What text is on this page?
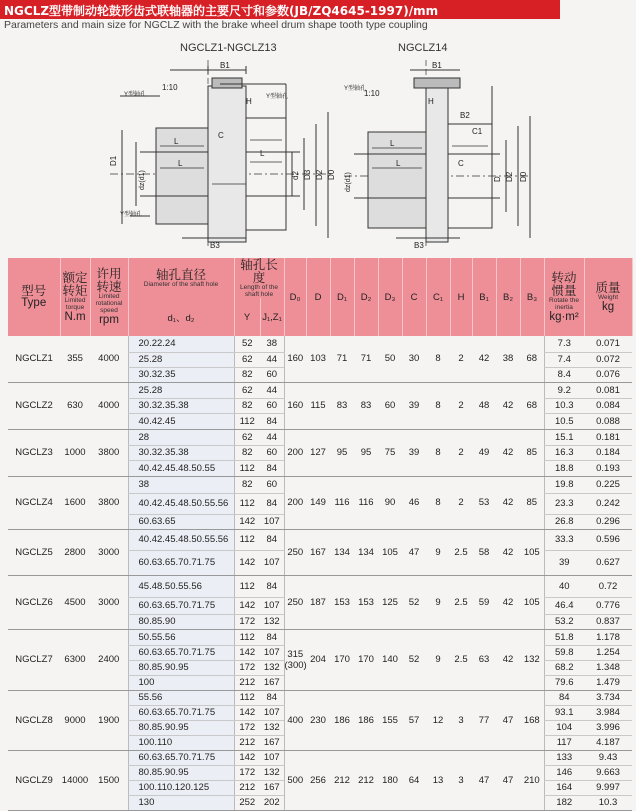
NGCLZ型带制动轮鼓形齿式联轴器的主要尺寸和参数(JB/ZQ4645-1997)/mm
Parameters and main size for NGCLZ with the brake wheel drum shape tooth type coupling
NGCLZ1-NGCLZ13	NGCLZ14
B1
B3
H
C
L
L
L
1:10
Y型轴孔	Y型轴孔
Y型轴孔
D1
dz(d1)	d2 D3 D2 D0
B1
B3
H
B2
C1
L
L
1:10
Y型轴孔
C
dz(d1)	D D2 D0
型号
Type	额定
转矩
Limited torque
N.m	许用
转速
Limited rotational speed
rpm	轴孔直径
Diameter of the shaft hole	轴孔长度
Length of the shaft hole		D₀	D	D₁	D₂	D₃	C	C₁	H	B₁	B₂	B₃	转动
惯量
Rotate the inertia
kg·m²	质量
Weight
kg

			d₁、d₂	Y	J₁,Z₁													
NGCLZ1	355	4000	20.22.24	52	38	160	103	71	71	50	30	8	2	42	38	68	7.3	0.071
			25.28	62	44												7.4	0.072
			30.32.35	82	60												8.4	0.076
NGCLZ2	630	4000	25.28	62	44	160	115	83	83	60	39	8	2	48	42	68	9.2	0.081
			30.32.35.38	82	60												10.3	0.084
			40.42.45	112	84												10.5	0.088
NGCLZ3	1000	3800	28	62	44	200	127	95	95	75	39	8	2	49	42	85	15.1	0.181
			30.32.35.38	82	60												16.3	0.184
			40.42.45.48.50.55	112	84												18.8	0.193
NGCLZ4	1600	3800	38	82	60	200	149	116	116	90	46	8	2	53	42	85	19.8	0.225
			40.42.45.48.50.55.56	112	84												23.3	0.242
			60.63.65	142	107												26.8	0.296
NGCLZ5	2800	3000	40.42.45.48.50.55.56	112	84	250	167	134	134	105	47	9	2.5	58	42	105	33.3	0.596
			60.63.65.70.71.75	142	107												39	0.627
NGCLZ6	4500	3000	45.48.50.55.56	112	84	250	187	153	153	125	52	9	2.5	59	42	105	40	0.72
			60.63.65.70.71.75	142	107												46.4	0.776
			80.85.90	172	132												53.2	0.837
NGCLZ7	6300	2400	50.55.56	112	84	315
(300)	204	170	170	140	52	9	2.5	63	42	132	51.8	1.178
			60.63.65.70.71.75	142	107												59.8	1.254
			80.85.90.95	172	132												68.2	1.348
			100	212	167												79.6	1.479
NGCLZ8	9000	1900	55.56	112	84	400	230	186	186	155	57	12	3	77	47	168	84	3.734
			60.63.65.70.71.75	142	107												93.1	3.984
			80.85.90.95	172	132												104	3.996
			100.110	212	167												117	4.187
NGCLZ9	14000	1500	60.63.65.70.71.75	142	107	500	256	212	212	180	64	13	3	47	47	210	133	9.43
			80.85.90.95	172	132												146	9.663
			100.110.120.125	212	167												164	9.997
			130	252	202												182	10.3
